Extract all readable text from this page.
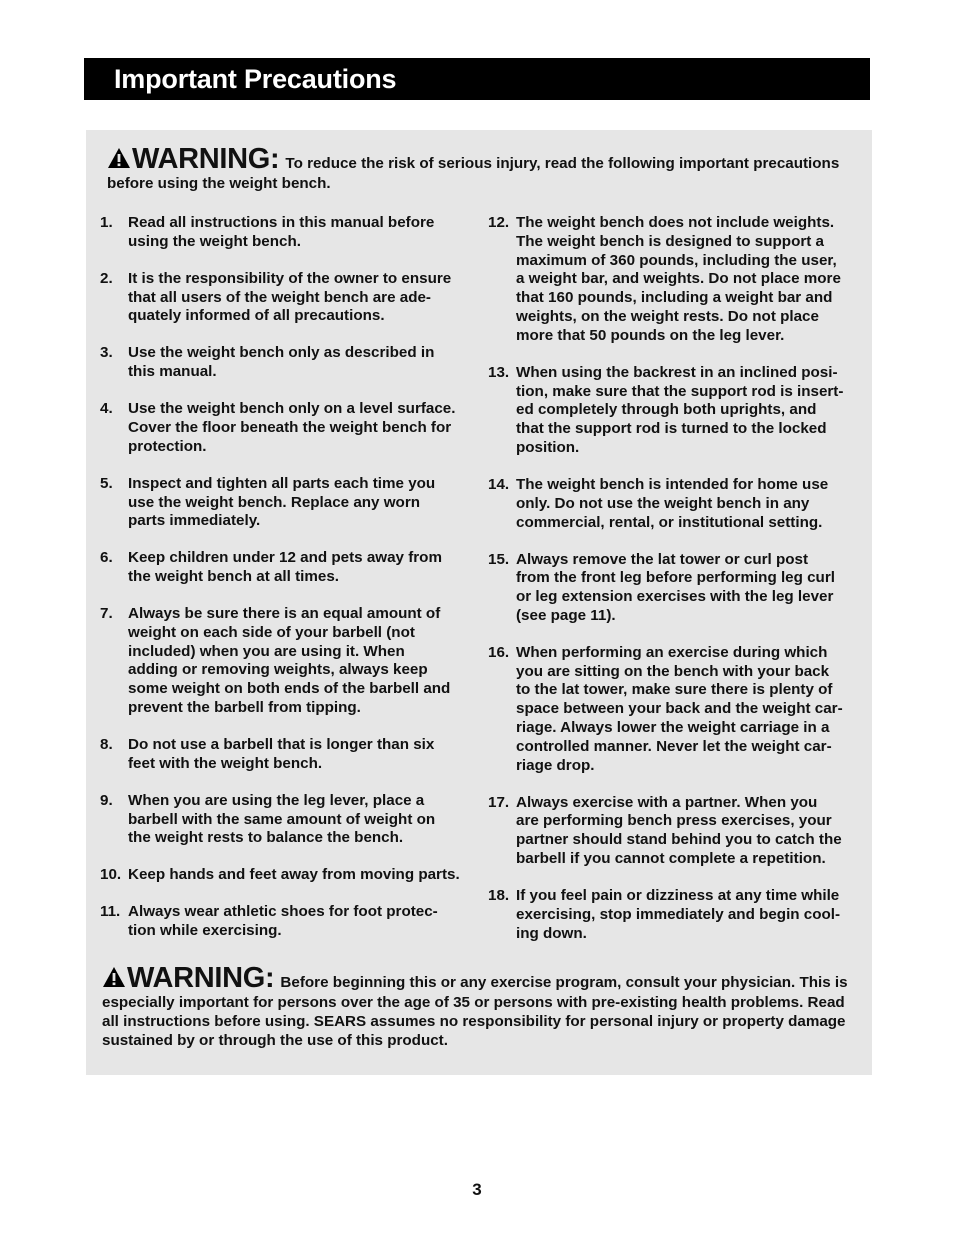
Important Precautions
WARNING: To reduce the risk of serious injury, read the following important precautions before using the weight bench.
1.	Read all instructions in this manual before
using the weight bench.
2.	It is the responsibility of the owner to ensure
that all users of the weight bench are ade-
quately informed of all precautions.
3.	Use the weight bench only as described in
this manual.
4.	Use the weight bench only on a level surface.
Cover the floor beneath the weight bench for
protection.
5.	Inspect and tighten all parts each time you
use the weight bench. Replace any worn
parts immediately.
6.	Keep children under 12 and pets away from
the weight bench at all times.
7.	Always be sure there is an equal amount of
weight on each side of your barbell (not
included) when you are using it. When
adding or removing weights, always keep
some weight on both ends of the barbell and
prevent the barbell from tipping.
8.	Do not use a barbell that is longer than six
feet with the weight bench.
9.	When you are using the leg lever, place a
barbell with the same amount of weight on
the weight rests to balance the bench.
10. Keep hands and feet away from moving parts.
11. Always wear athletic shoes for foot protec-
tion while exercising.
12. The weight bench does not include weights.
The weight bench is designed to support a
maximum of 360 pounds, including the user,
a weight bar, and weights. Do not place more
that 160 pounds, including a weight bar and
weights, on the weight rests. Do not place
more that 50 pounds on the leg lever.
13. When using the backrest in an inclined posi-
tion, make sure that the support rod is insert-
ed completely through both uprights, and
that the support rod is turned to the locked
position.
14. The weight bench is intended for home use
only. Do not use the weight bench in any
commercial, rental, or institutional setting.
15. Always remove the lat tower or curl post
from the front leg before performing leg curl
or leg extension exercises with the leg lever
(see page 11).
16. When performing an exercise during which
you are sitting on the bench with your back
to the lat tower, make sure there is plenty of
space between your back and the weight car-
riage. Always lower the weight carriage in a
controlled manner. Never let the weight car-
riage drop.
17. Always exercise with a partner. When you
are performing bench press exercises, your
partner should stand behind you to catch the
barbell if you cannot complete a repetition.
18. If you feel pain or dizziness at any time while
exercising, stop immediately and begin cool-
ing down.
WARNING: Before beginning this or any exercise program, consult your physician. This is especially important for persons over the age of 35 or persons with pre-existing health problems. Read all instructions before using. SEARS assumes no responsibility for personal injury or property damage sustained by or through the use of this product.
3
